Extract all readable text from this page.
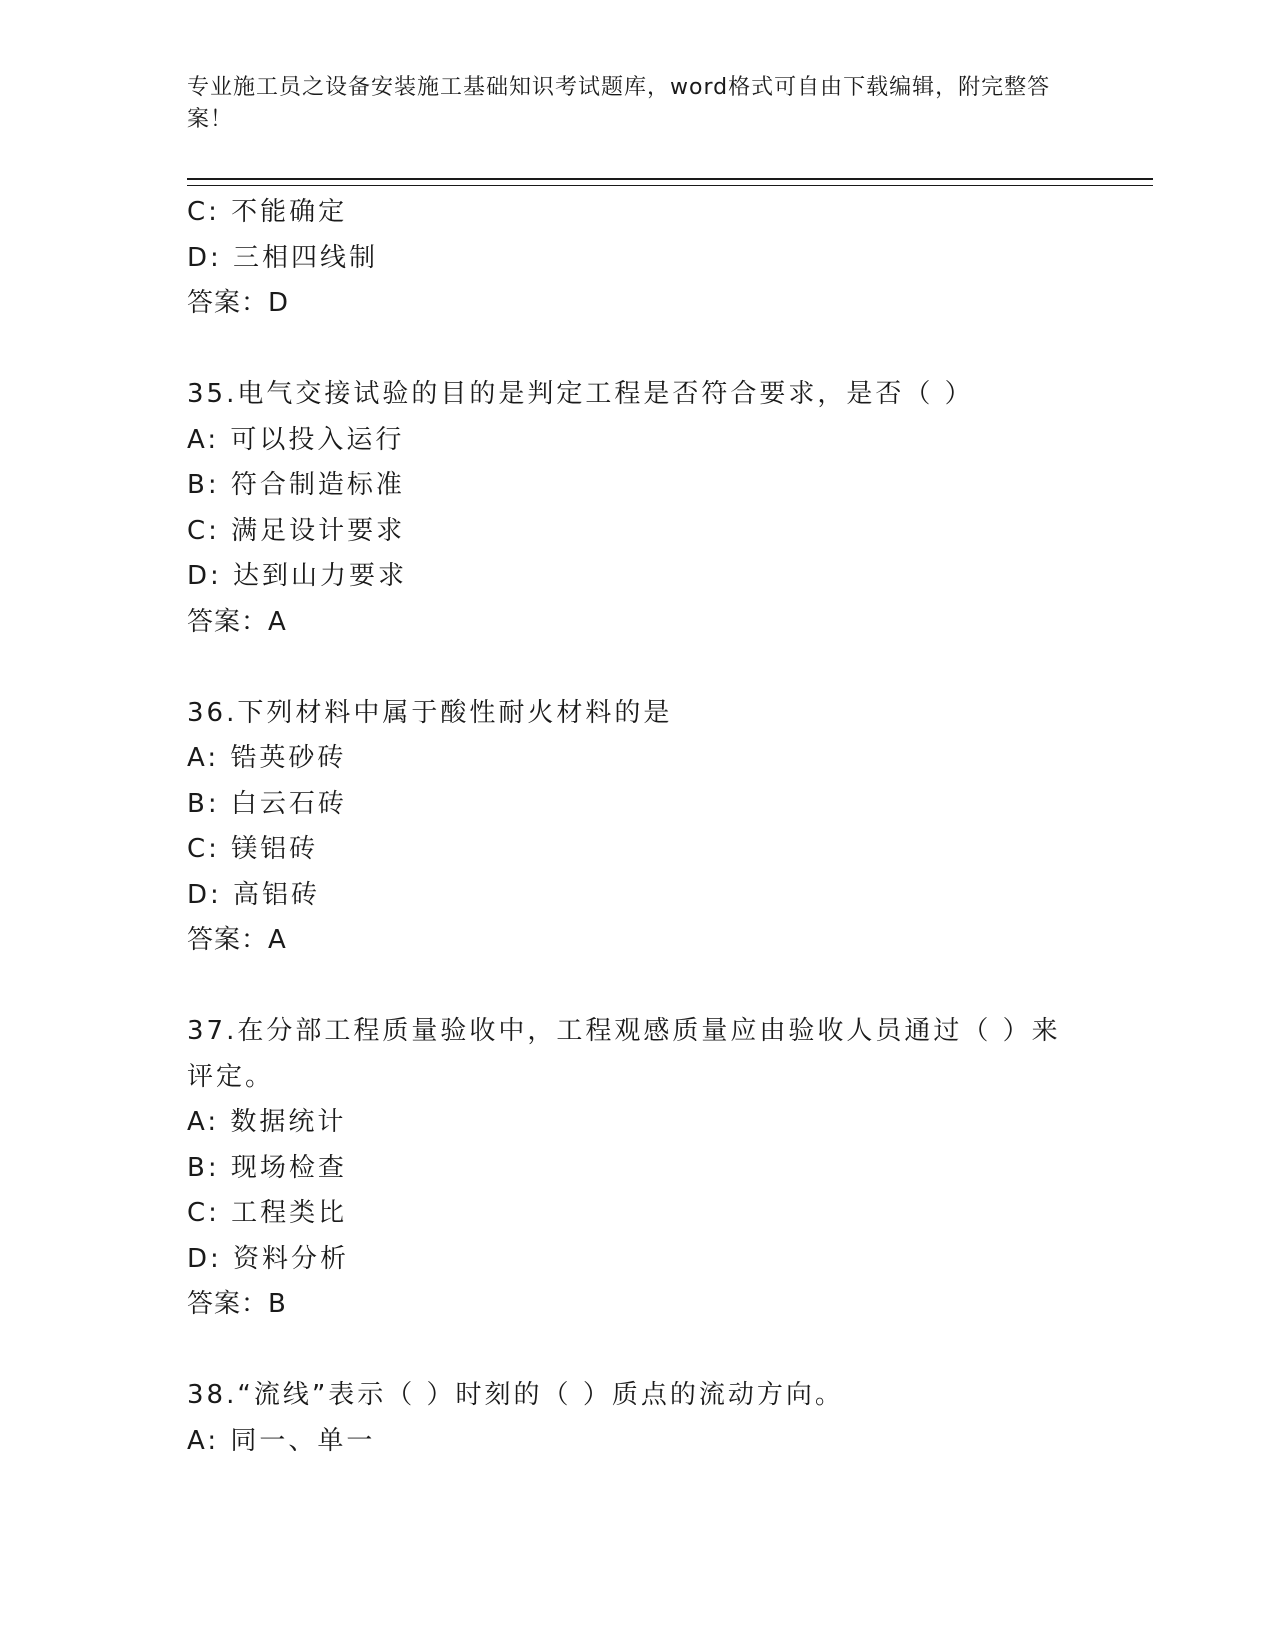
专业施工员之设备安装施工基础知识考试题库，word格式可自由下载编辑，附完整答案！
C: 不能确定
D: 三相四线制
答案：D
35.电气交接试验的目的是判定工程是否符合要求，是否（ ）
A: 可以投入运行
B: 符合制造标准
C: 满足设计要求
D: 达到山力要求
答案：A
36.下列材料中属于酸性耐火材料的是
A: 锆英砂砖
B: 白云石砖
C: 镁铝砖
D: 高铝砖
答案：A
37.在分部工程质量验收中，工程观感质量应由验收人员通过（ ）来评定。
A: 数据统计
B: 现场检查
C: 工程类比
D: 资料分析
答案：B
38.“流线”表示（ ）时刻的（ ）质点的流动方向。
A: 同一、单一
